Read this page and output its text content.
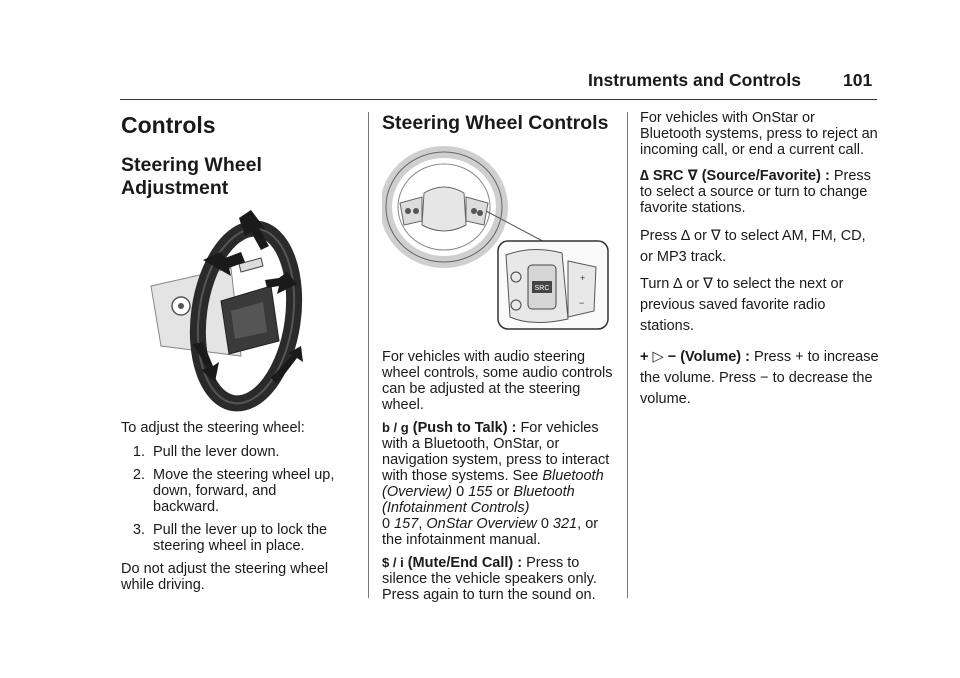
Instruments and Controls 101
Controls
Steering Wheel
Adjustment

To adjust the steering wheel:

1. Pull the lever down.
2. Move the steering wheel up, down, forward, and backward.
3. Pull the lever up to lock the steering wheel in place.

Do not adjust the steering wheel while driving.

Steering Wheel Controls
SRC
+
−

For vehicles with audio steering wheel controls, some audio controls can be adjusted at the steering wheel.

b / g (Push to Talk) : For vehicles with a Bluetooth, OnStar, or navigation system, press to interact with those systems. See Bluetooth (Overview) 0 155 or Bluetooth (Infotainment Controls)
0 157, OnStar Overview 0 321, or the infotainment manual.

$ / i (Mute/End Call) : Press to silence the vehicle speakers only. Press again to turn the sound on.

For vehicles with OnStar or Bluetooth systems, press to reject an incoming call, or end a current call.

∆ SRC ∇ (Source/Favorite) : Press to select a source or turn to change favorite stations.

Press ∆ or ∇ to select AM, FM, CD, or MP3 track.

Turn ∆ or ∇ to select the next or previous saved favorite radio stations.

+ ▷ − (Volume) : Press + to increase the volume. Press − to decrease the volume.
